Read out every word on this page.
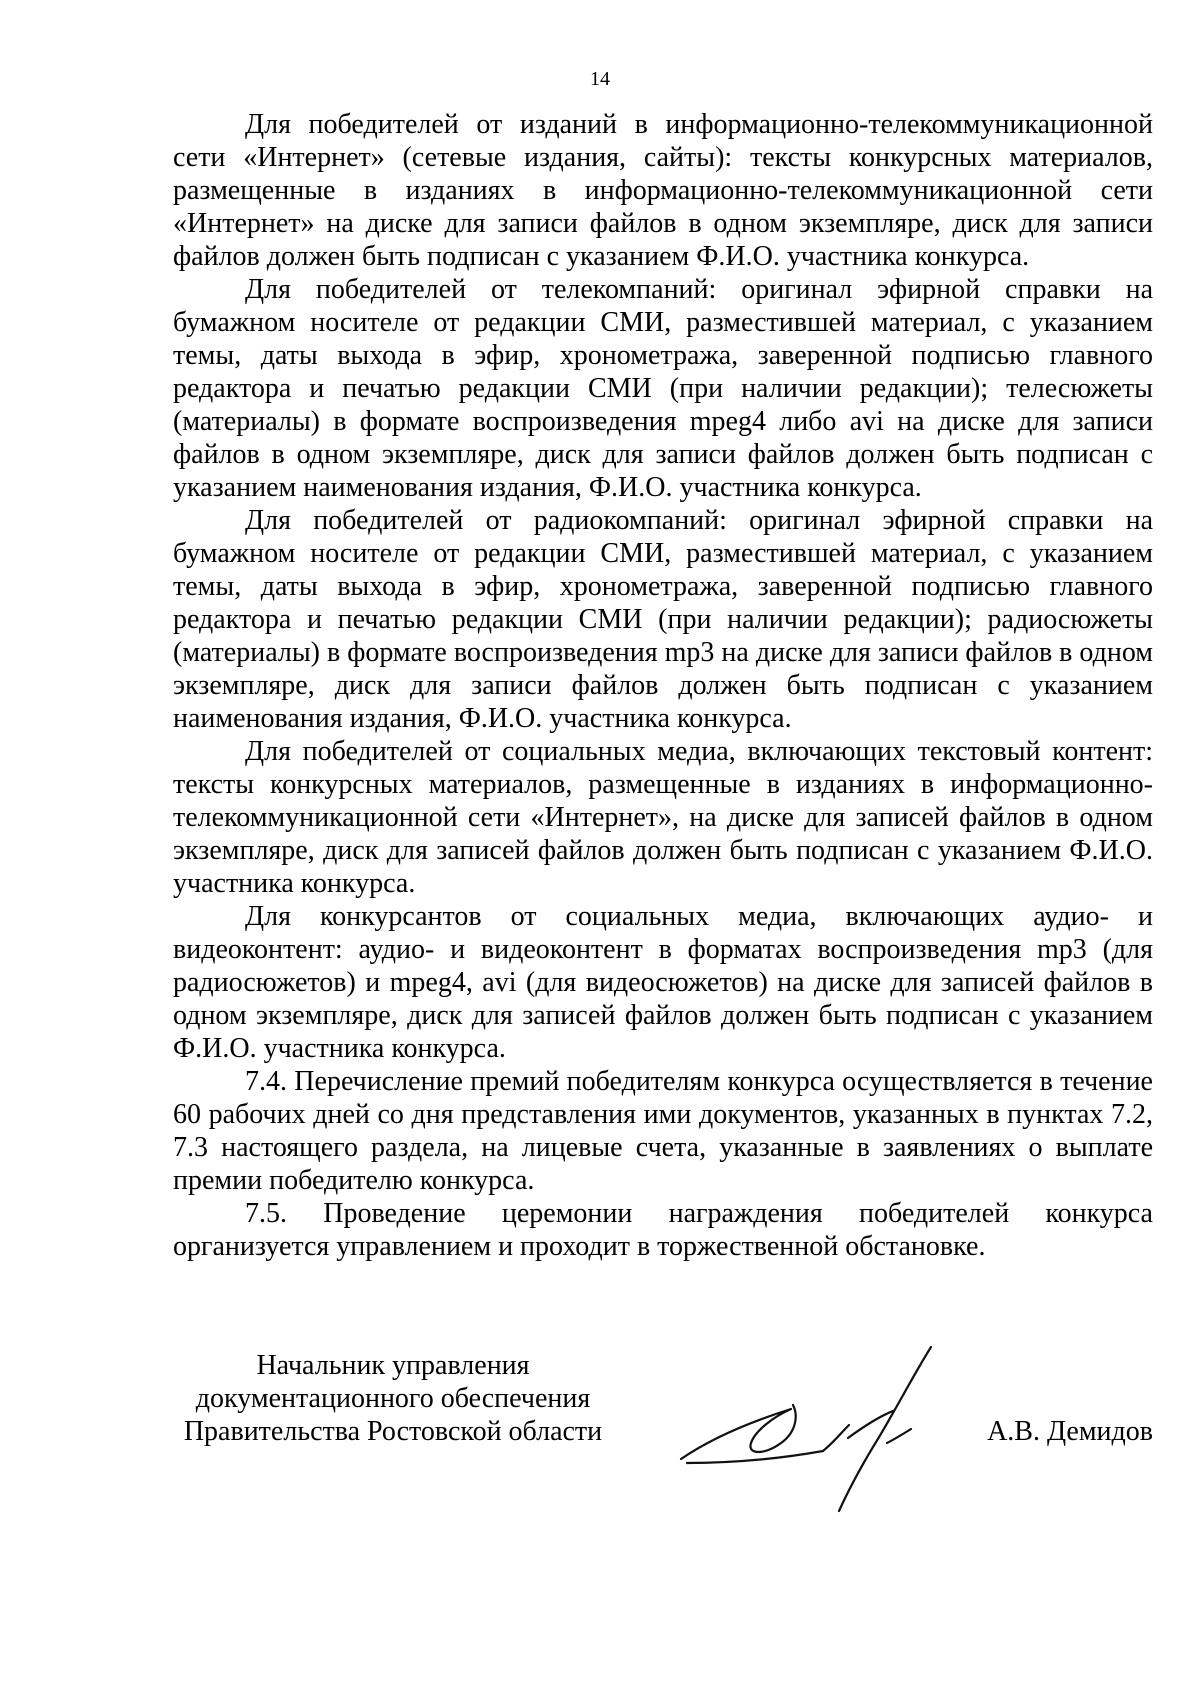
14

Для победителей от изданий в информационно-телекоммуникационной сети «Интернет» (сетевые издания, сайты): тексты конкурсных материалов, размещенные в изданиях в информационно-телекоммуникационной сети «Интернет» на диске для записи файлов в одном экземпляре, диск для записи файлов должен быть подписан с указанием Ф.И.О. участника конкурса.

Для победителей от телекомпаний: оригинал эфирной справки на бумажном носителе от редакции СМИ, разместившей материал, с указанием темы, даты выхода в эфир, хронометража, заверенной подписью главного редактора и печатью редакции СМИ (при наличии редакции); телесюжеты (материалы) в формате воспроизведения mpeg4 либо avi на диске для записи файлов в одном экземпляре, диск для записи файлов должен быть подписан с указанием наименования издания, Ф.И.О. участника конкурса.

Для победителей от радиокомпаний: оригинал эфирной справки на бумажном носителе от редакции СМИ, разместившей материал, с указанием темы, даты выхода в эфир, хронометража, заверенной подписью главного редактора и печатью редакции СМИ (при наличии редакции); радиосюжеты (материалы) в формате воспроизведения mp3 на диске для записи файлов в одном экземпляре, диск для записи файлов должен быть подписан с указанием наименования издания, Ф.И.О. участника конкурса.

Для победителей от социальных медиа, включающих текстовый контент: тексты конкурсных материалов, размещенные в изданиях в информационно-телекоммуникационной сети «Интернет», на диске для записей файлов в одном экземпляре, диск для записей файлов должен быть подписан с указанием Ф.И.О. участника конкурса.

Для конкурсантов от социальных медиа, включающих аудио- и видеоконтент: аудио- и видеоконтент в форматах воспроизведения mp3 (для радиосюжетов) и mpeg4, avi (для видеосюжетов) на диске для записей файлов в одном экземпляре, диск для записей файлов должен быть подписан с указанием Ф.И.О. участника конкурса.

7.4. Перечисление премий победителям конкурса осуществляется в течение 60 рабочих дней со дня представления ими документов, указанных в пунктах 7.2, 7.3 настоящего раздела, на лицевые счета, указанные в заявлениях о выплате премии победителю конкурса.

7.5. Проведение церемонии награждения победителей конкурса организуется управлением и проходит в торжественной обстановке.

Начальник управления
документационного обеспечения
Правительства Ростовской области	А.В. Демидов
